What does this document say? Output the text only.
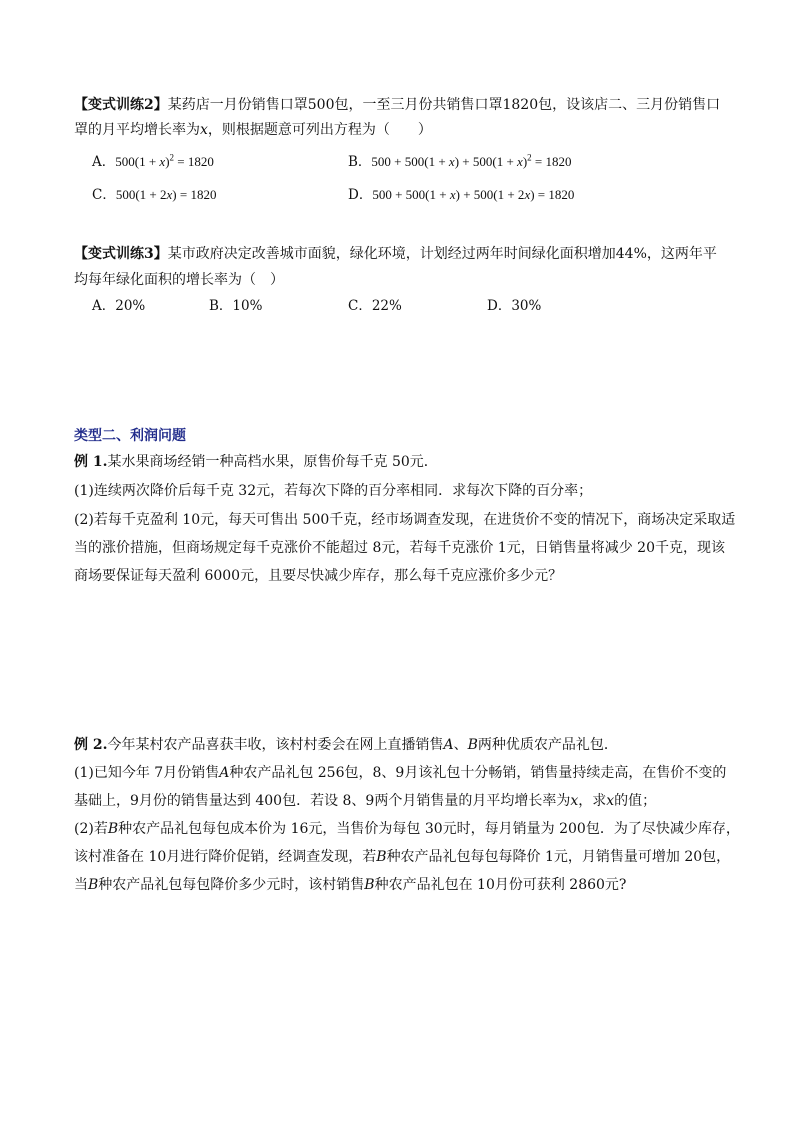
【变式训练2】某药店一月份销售口罩500包，一至三月份共销售口罩1820包，设该店二、三月份销售口
罩的月平均增长率为x，则根据题意可列出方程为（　　）
A．$500(1 + x)^2 = 1820$	B．$500 + 500(1 + x) + 500(1 + x)^2 = 1820$
C．500(1 + 2x) = 1820	D．500 + 500(1 + x) + 500(1 + 2x) = 1820
【变式训练3】某市政府决定改善城市面貌，绿化环境，计划经过两年时间绿化面积增加44%，这两年平
均每年绿化面积的增长率为（　）
A．20%	B．10%	C．22%	D．30%
类型二、利润问题
例 1.某水果商场经销一种高档水果，原售价每千克 50元．
(1)连续两次降价后每千克 32元，若每次下降的百分率相同．求每次下降的百分率；
(2)若每千克盈利 10元，每天可售出 500千克，经市场调查发现，在进货价不变的情况下，商场决定采取适
当的涨价措施，但商场规定每千克涨价不能超过 8元，若每千克涨价 1元，日销售量将减少 20千克，现该
商场要保证每天盈利 6000元，且要尽快减少库存，那么每千克应涨价多少元？
例 2.今年某村农产品喜获丰收，该村村委会在网上直播销售A、B两种优质农产品礼包．
(1)已知今年 7月份销售A种农产品礼包 256包，8、9月该礼包十分畅销，销售量持续走高，在售价不变的
基础上，9月份的销售量达到 400包．若设 8、9两个月销售量的月平均增长率为x，求x的值；
(2)若B种农产品礼包每包成本价为 16元，当售价为每包 30元时，每月销量为 200包．为了尽快减少库存，
该村准备在 10月进行降价促销，经调查发现，若B种农产品礼包每包每降价 1元，月销售量可增加 20包，
当B种农产品礼包每包降价多少元时，该村销售B种农产品礼包在 10月份可获利 2860元?
